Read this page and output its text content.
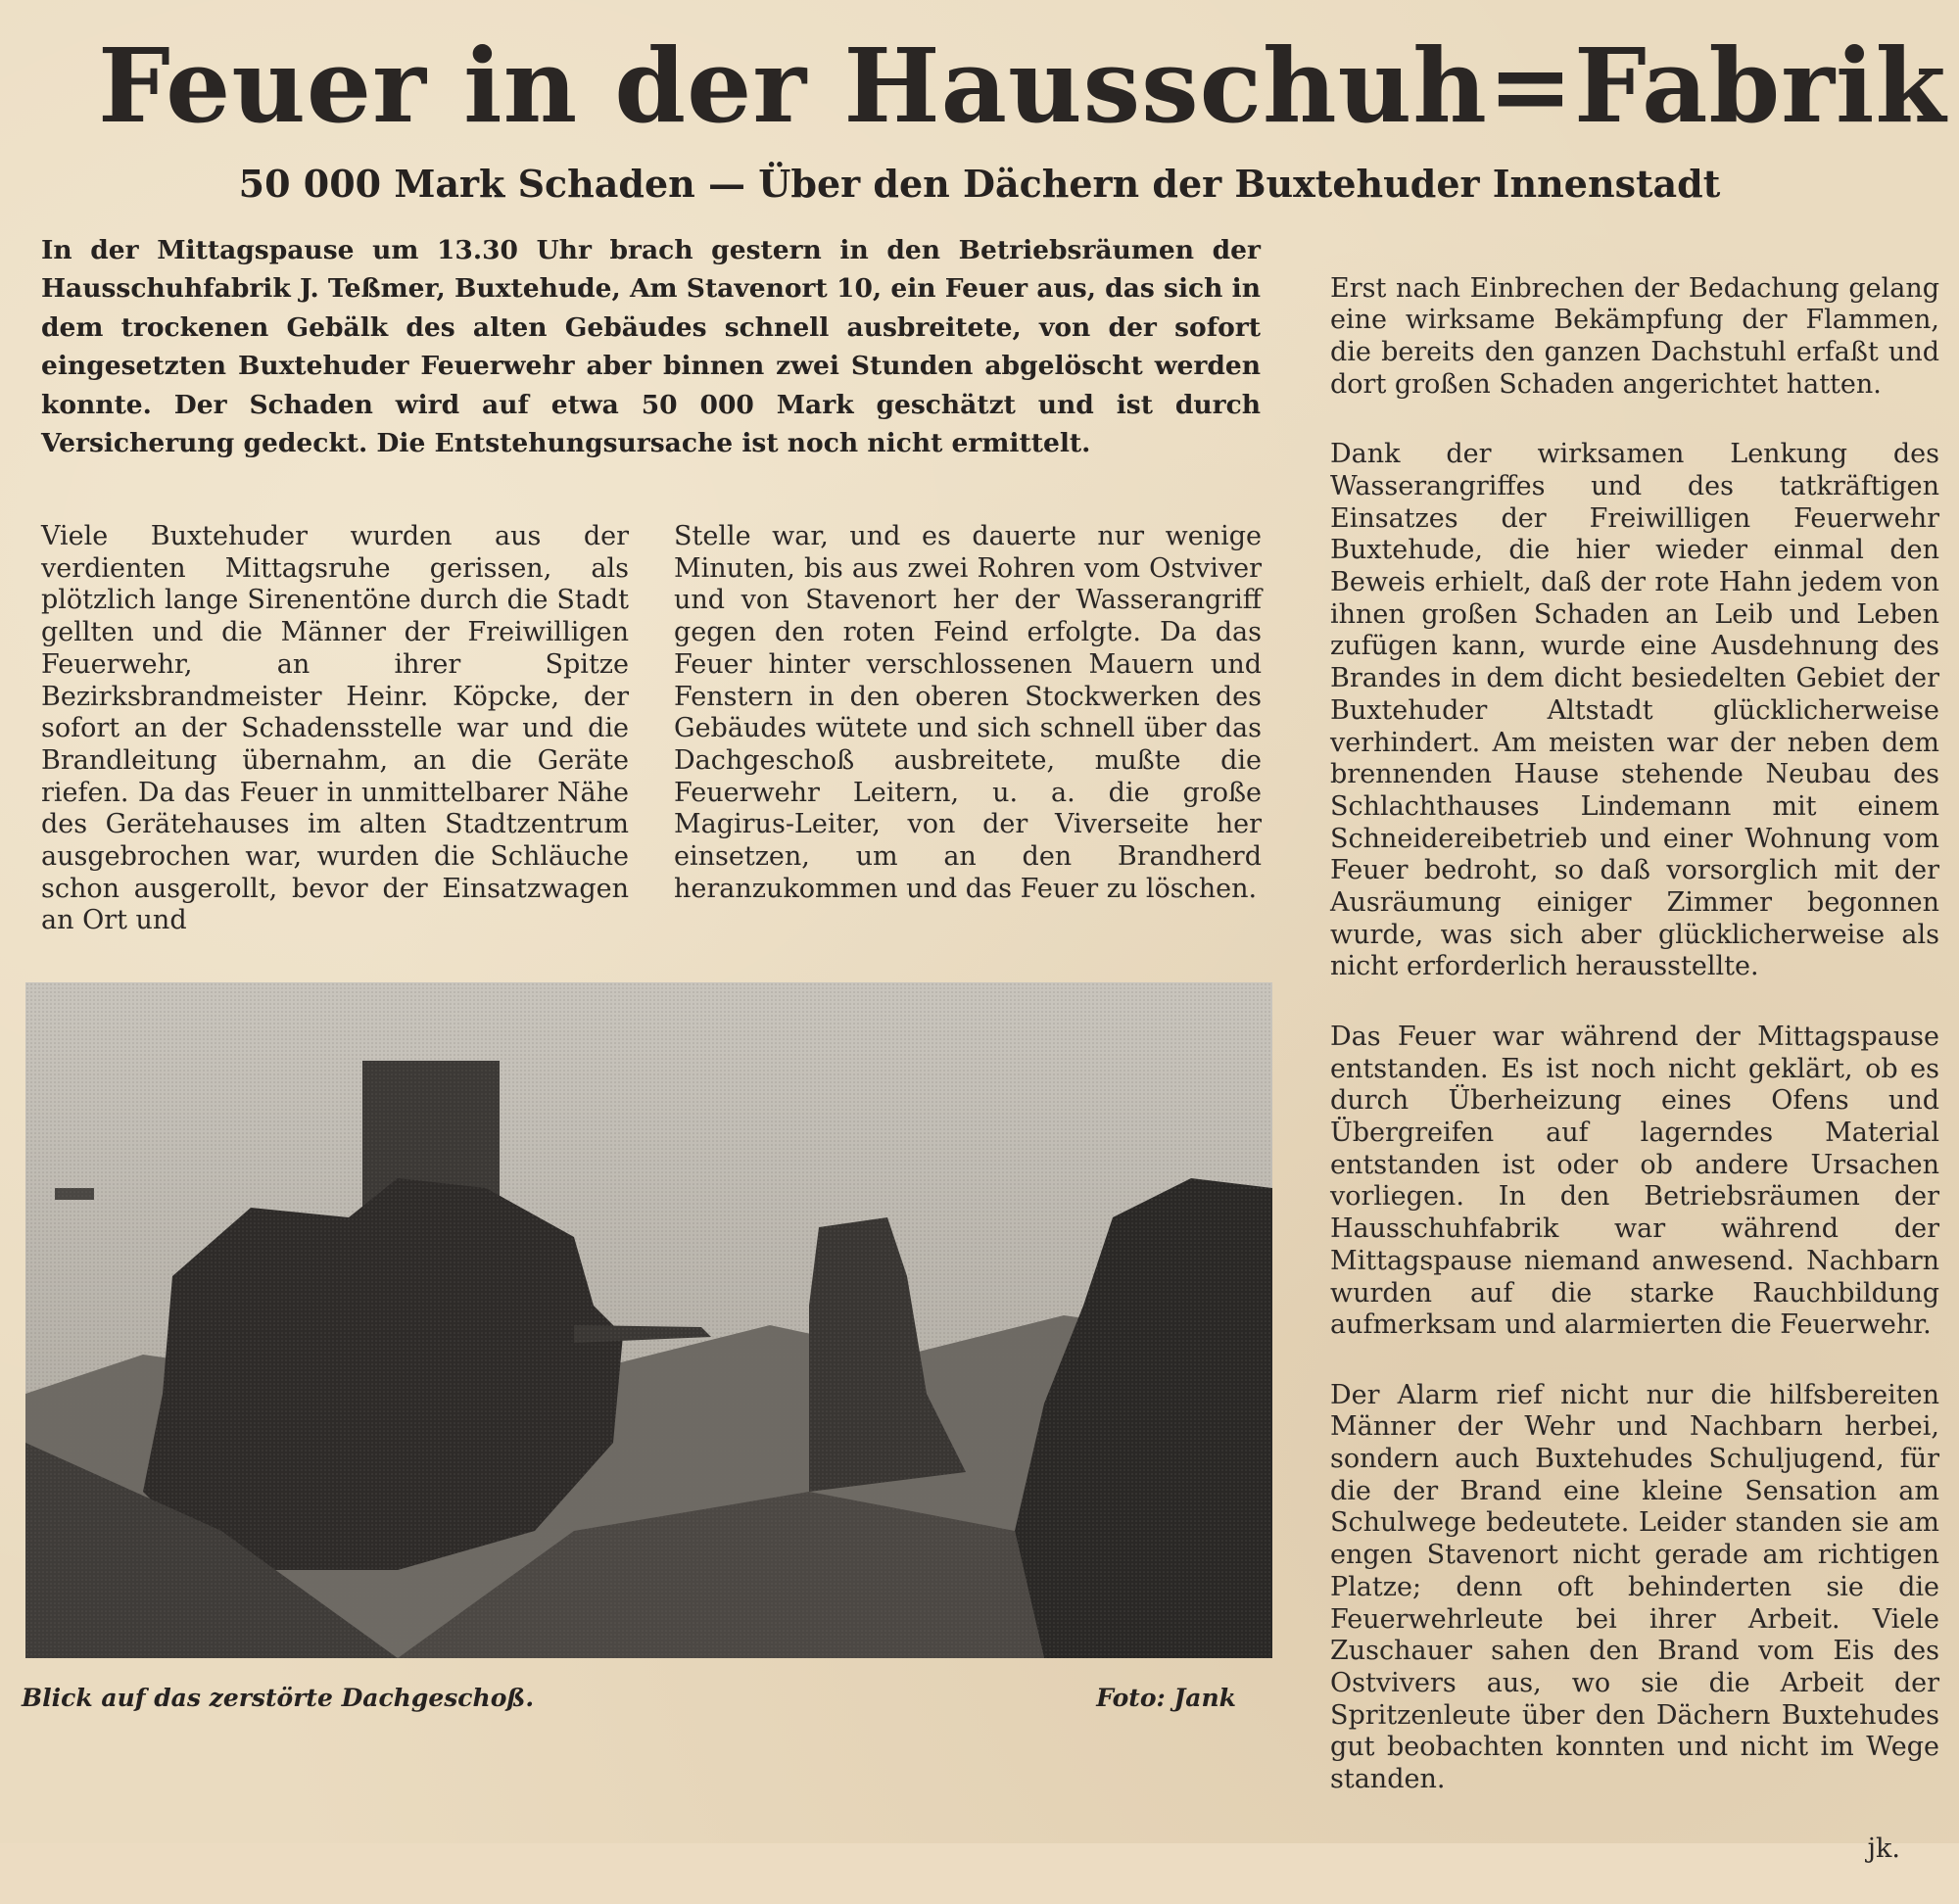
Feuer in der Hausschuh=Fabrik
50 000 Mark Schaden — Über den Dächern der Buxtehuder Innenstadt
In der Mittagspause um 13.30 Uhr brach gestern in den Betriebsräumen der Hausschuhfabrik J. Teßmer, Buxtehude, Am Stavenort 10, ein Feuer aus, das sich in dem trockenen Gebälk des alten Gebäudes schnell ausbreitete, von der sofort eingesetzten Buxtehuder Feuerwehr aber binnen zwei Stunden abgelöscht werden konnte. Der Schaden wird auf etwa 50 000 Mark geschätzt und ist durch Versicherung gedeckt. Die Entstehungsursache ist noch nicht ermittelt.
Viele Buxtehuder wurden aus der verdienten Mittagsruhe gerissen, als plötzlich lange Sirenentöne durch die Stadt gellten und die Männer der Freiwilligen Feuerwehr, an ihrer Spitze Bezirksbrandmeister Heinr. Köpcke, der sofort an der Schadensstelle war und die Brandleitung übernahm, an die Geräte riefen. Da das Feuer in unmittelbarer Nähe des Gerätehauses im alten Stadtzentrum ausgebrochen war, wurden die Schläuche schon ausgerollt, bevor der Einsatzwagen an Ort und
Stelle war, und es dauerte nur wenige Minuten, bis aus zwei Rohren vom Ostviver und von Stavenort her der Wasserangriff gegen den roten Feind erfolgte. Da das Feuer hinter verschlossenen Mauern und Fenstern in den oberen Stockwerken des Gebäudes wütete und sich schnell über das Dachgeschoß ausbreitete, mußte die Feuerwehr Leitern, u. a. die große Magirus-Leiter, von der Viverseite her einsetzen, um an den Brandherd heranzukommen und das Feuer zu löschen.

Erst nach Einbrechen der Bedachung gelang eine wirksame Bekämpfung der Flammen, die bereits den ganzen Dachstuhl erfaßt und dort großen Schaden angerichtet hatten.

Dank der wirksamen Lenkung des Wasserangriffes und des tatkräftigen Einsatzes der Freiwilligen Feuerwehr Buxtehude, die hier wieder einmal den Beweis erhielt, daß der rote Hahn jedem von ihnen großen Schaden an Leib und Leben zufügen kann, wurde eine Ausdehnung des Brandes in dem dicht besiedelten Gebiet der Buxtehuder Altstadt glücklicherweise verhindert. Am meisten war der neben dem brennenden Hause stehende Neubau des Schlachthauses Lindemann mit einem Schneidereibetrieb und einer Wohnung vom Feuer bedroht, so daß vorsorglich mit der Ausräumung einiger Zimmer begonnen wurde, was sich aber glücklicherweise als nicht erforderlich herausstellte.

Das Feuer war während der Mittagspause entstanden. Es ist noch nicht geklärt, ob es durch Überheizung eines Ofens und Übergreifen auf lagerndes Material entstanden ist oder ob andere Ursachen vorliegen. In den Betriebsräumen der Hausschuhfabrik war während der Mittagspause niemand anwesend. Nachbarn wurden auf die starke Rauchbildung aufmerksam und alarmierten die Feuerwehr.

Der Alarm rief nicht nur die hilfsbereiten Männer der Wehr und Nachbarn herbei, sondern auch Buxtehudes Schuljugend, für die der Brand eine kleine Sensation am Schulwege bedeutete. Leider standen sie am engen Stavenort nicht gerade am richtigen Platze; denn oft behinderten sie die Feuerwehrleute bei ihrer Arbeit. Viele Zuschauer sahen den Brand vom Eis des Ostvivers aus, wo sie die Arbeit der Spritzenleute über den Dächern Buxtehudes gut beobachten konnten und nicht im Wege standen.

jk.

Blick auf das zerstörte Dachgeschoß.	Foto: Jank
